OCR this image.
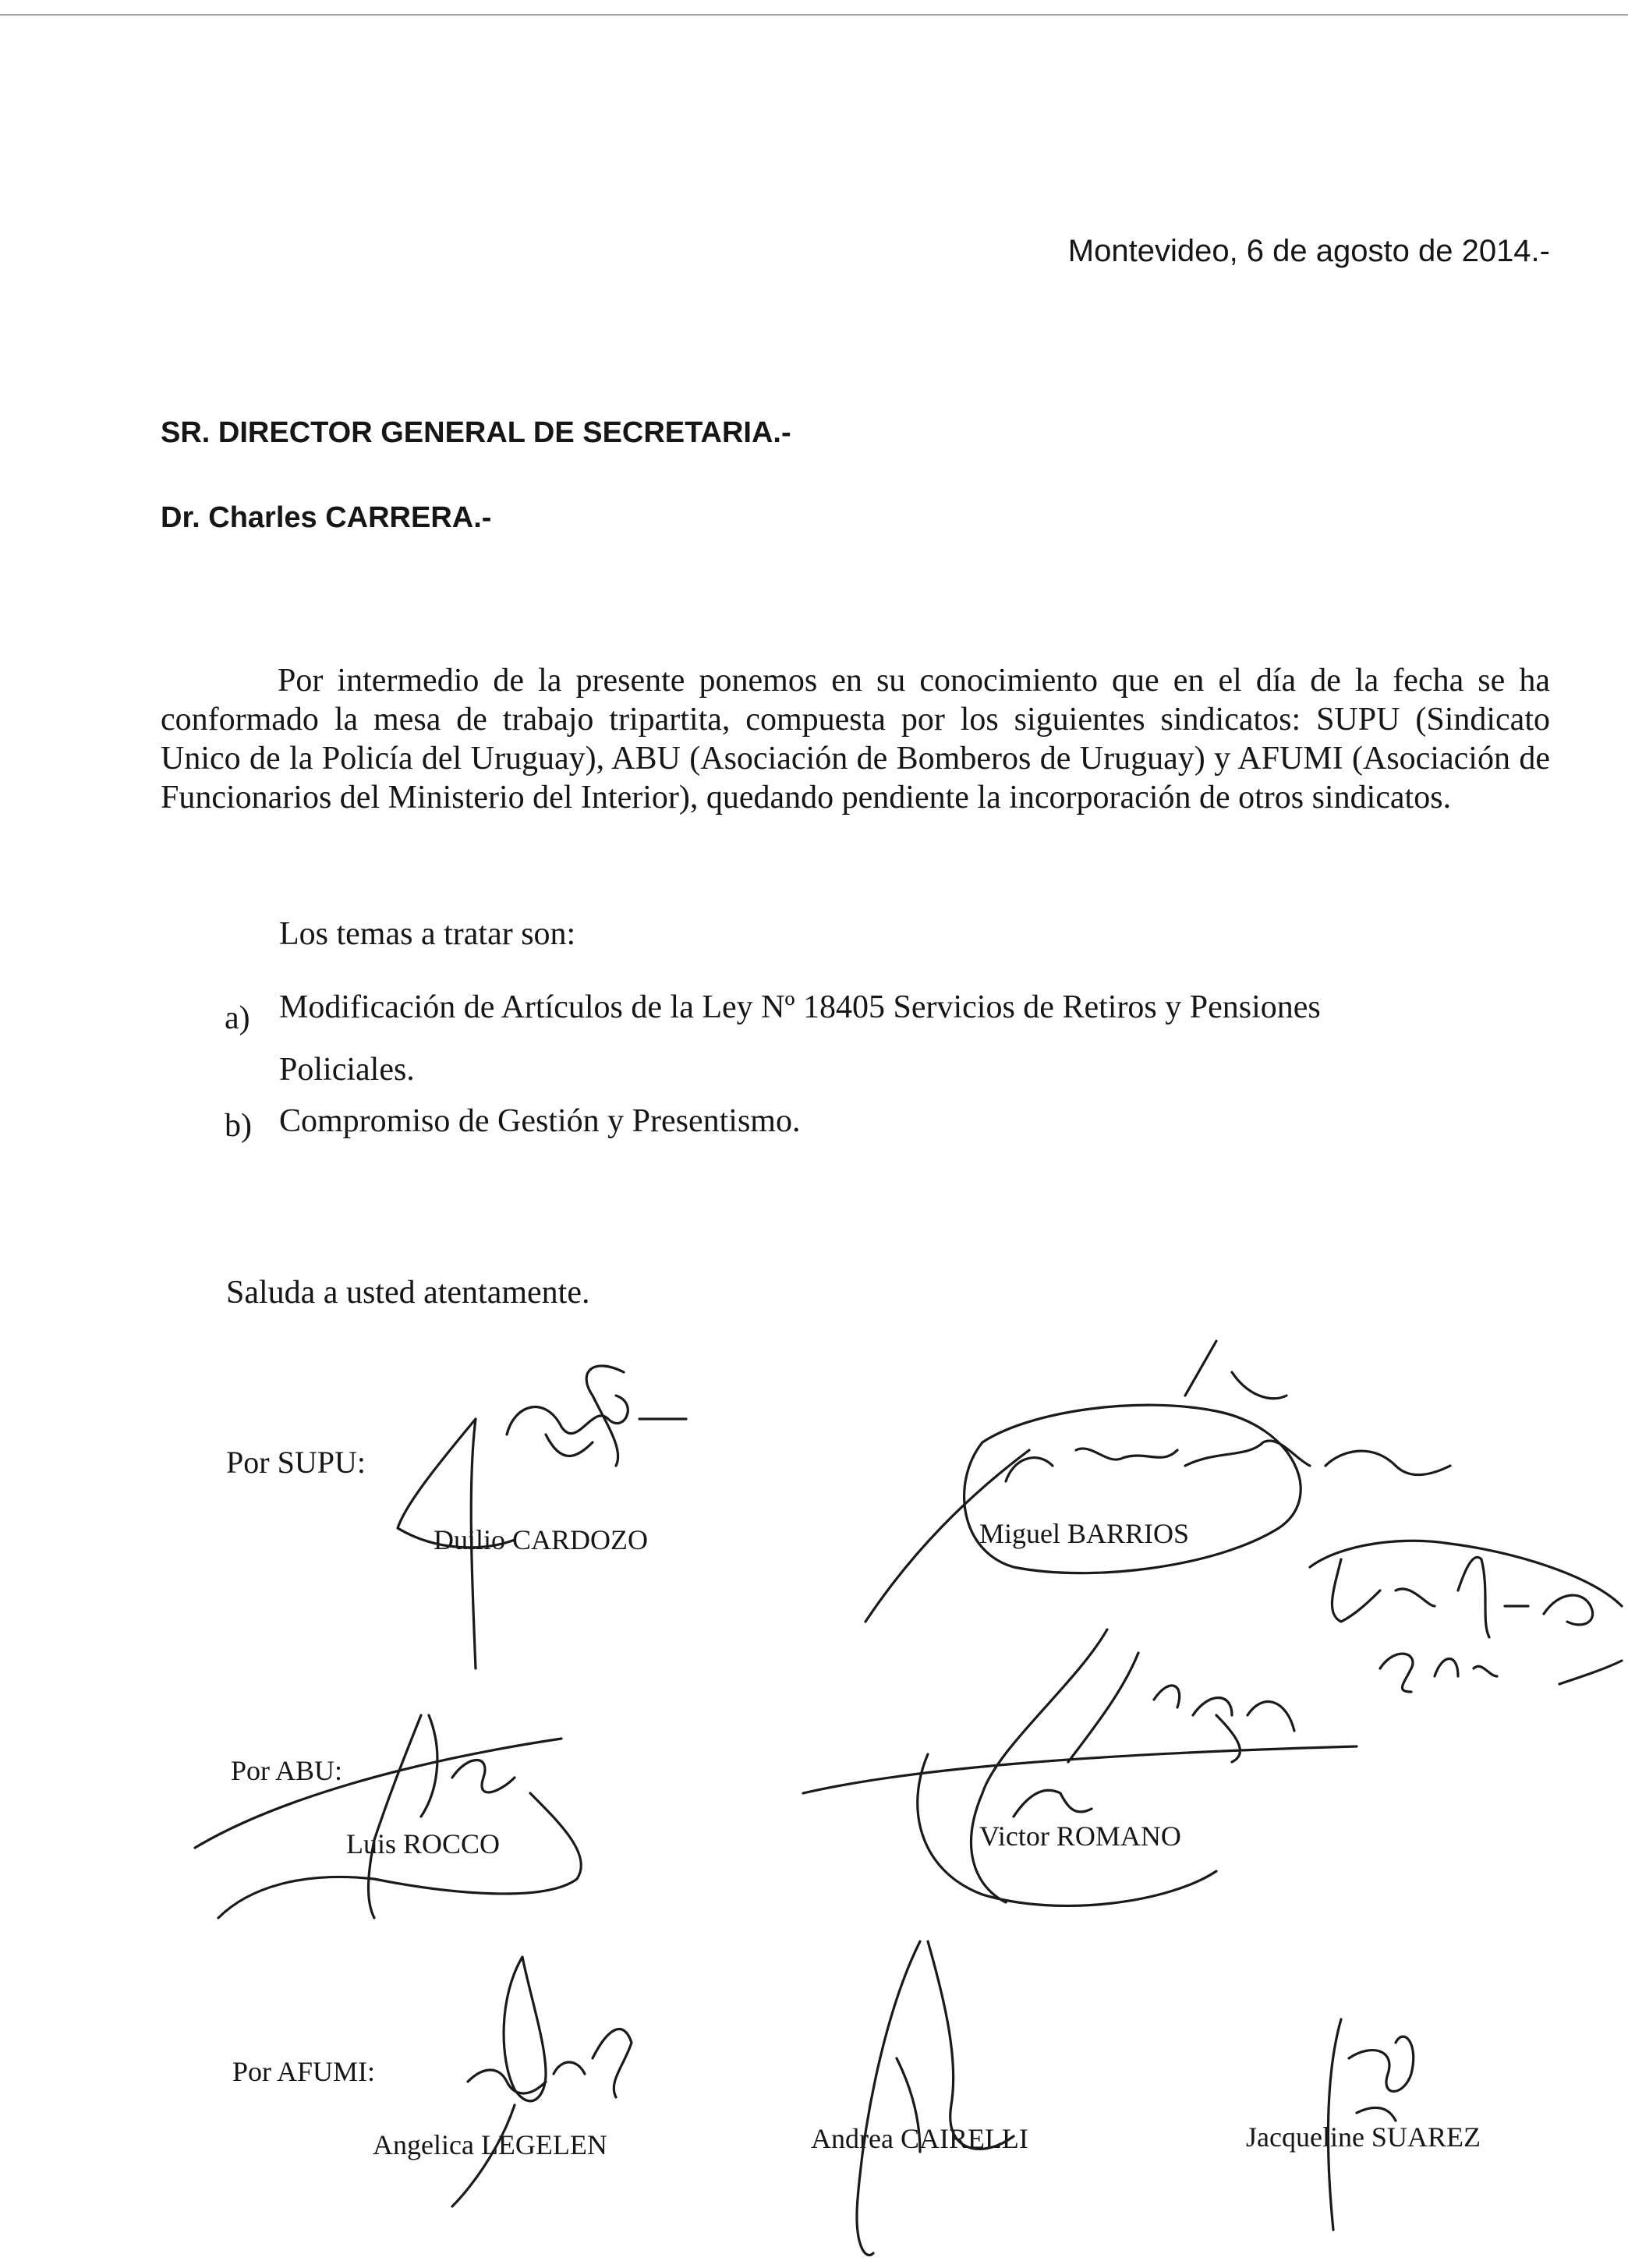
Montevideo, 6 de agosto de 2014.-
SR. DIRECTOR GENERAL DE SECRETARIA.-
Dr. Charles CARRERA.-
Por intermedio de la presente ponemos en su conocimiento que en el día de la fecha se ha conformado la mesa de trabajo tripartita, compuesta por los siguientes sindicatos: SUPU (Sindicato Unico de la Policía del Uruguay), ABU (Asociación de Bomberos de Uruguay) y AFUMI (Asociación de Funcionarios del Ministerio del Interior), quedando pendiente la incorporación de otros sindicatos.
Los temas a tratar son:
a) Modificación de Artículos de la Ley Nº 18405 Servicios de Retiros y Pensiones
Policiales.
b) Compromiso de Gestión y Presentismo.
Saluda a usted atentamente.
Por SUPU:
Duilio CARDOZO	Miguel BARRIOS
Por ABU:
Luis ROCCO	Victor ROMANO
Por AFUMI:
Angelica LEGELEN	Andrea CAIRELLI	Jacqueline SUAREZ
